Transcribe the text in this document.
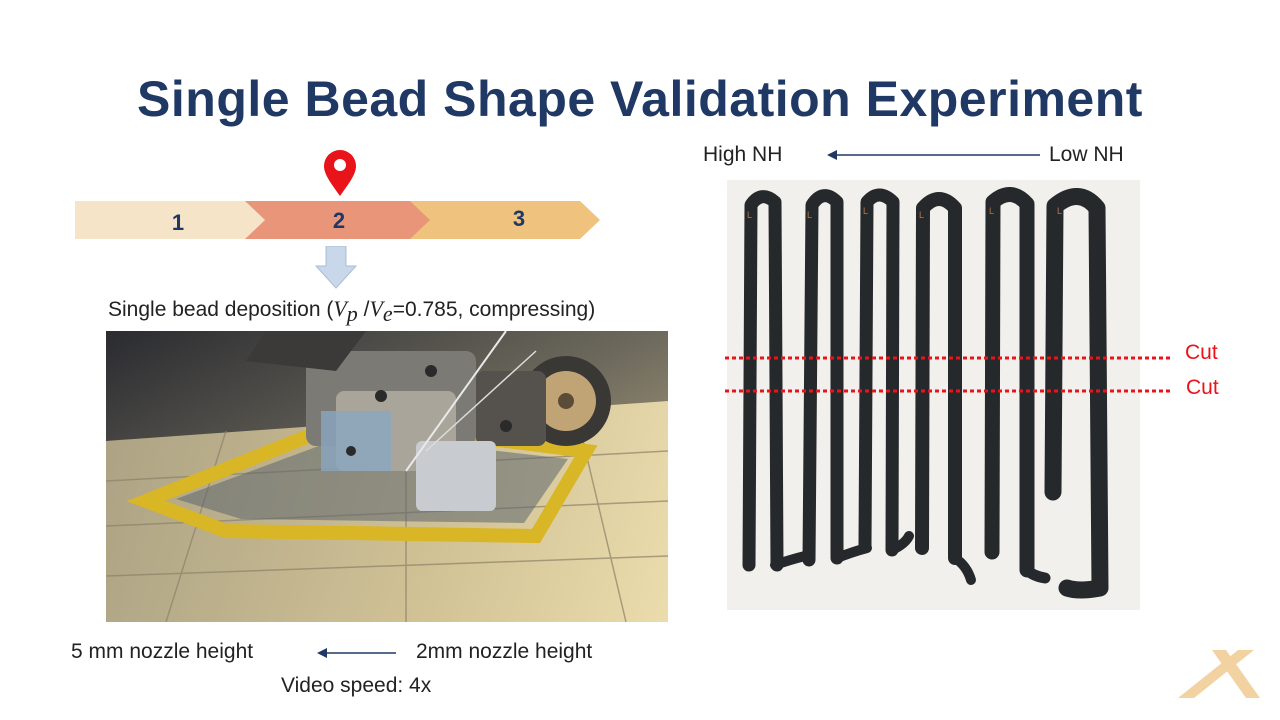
Single Bead Shape Validation Experiment
1	2	3
Single bead deposition ($V_p$ $/V_e=0.785$, compressing)
5 mm nozzle height	2mm nozzle height
Video speed: 4x
High NH	Low NH
L	L	L	L	L	L
Cut
Cut
